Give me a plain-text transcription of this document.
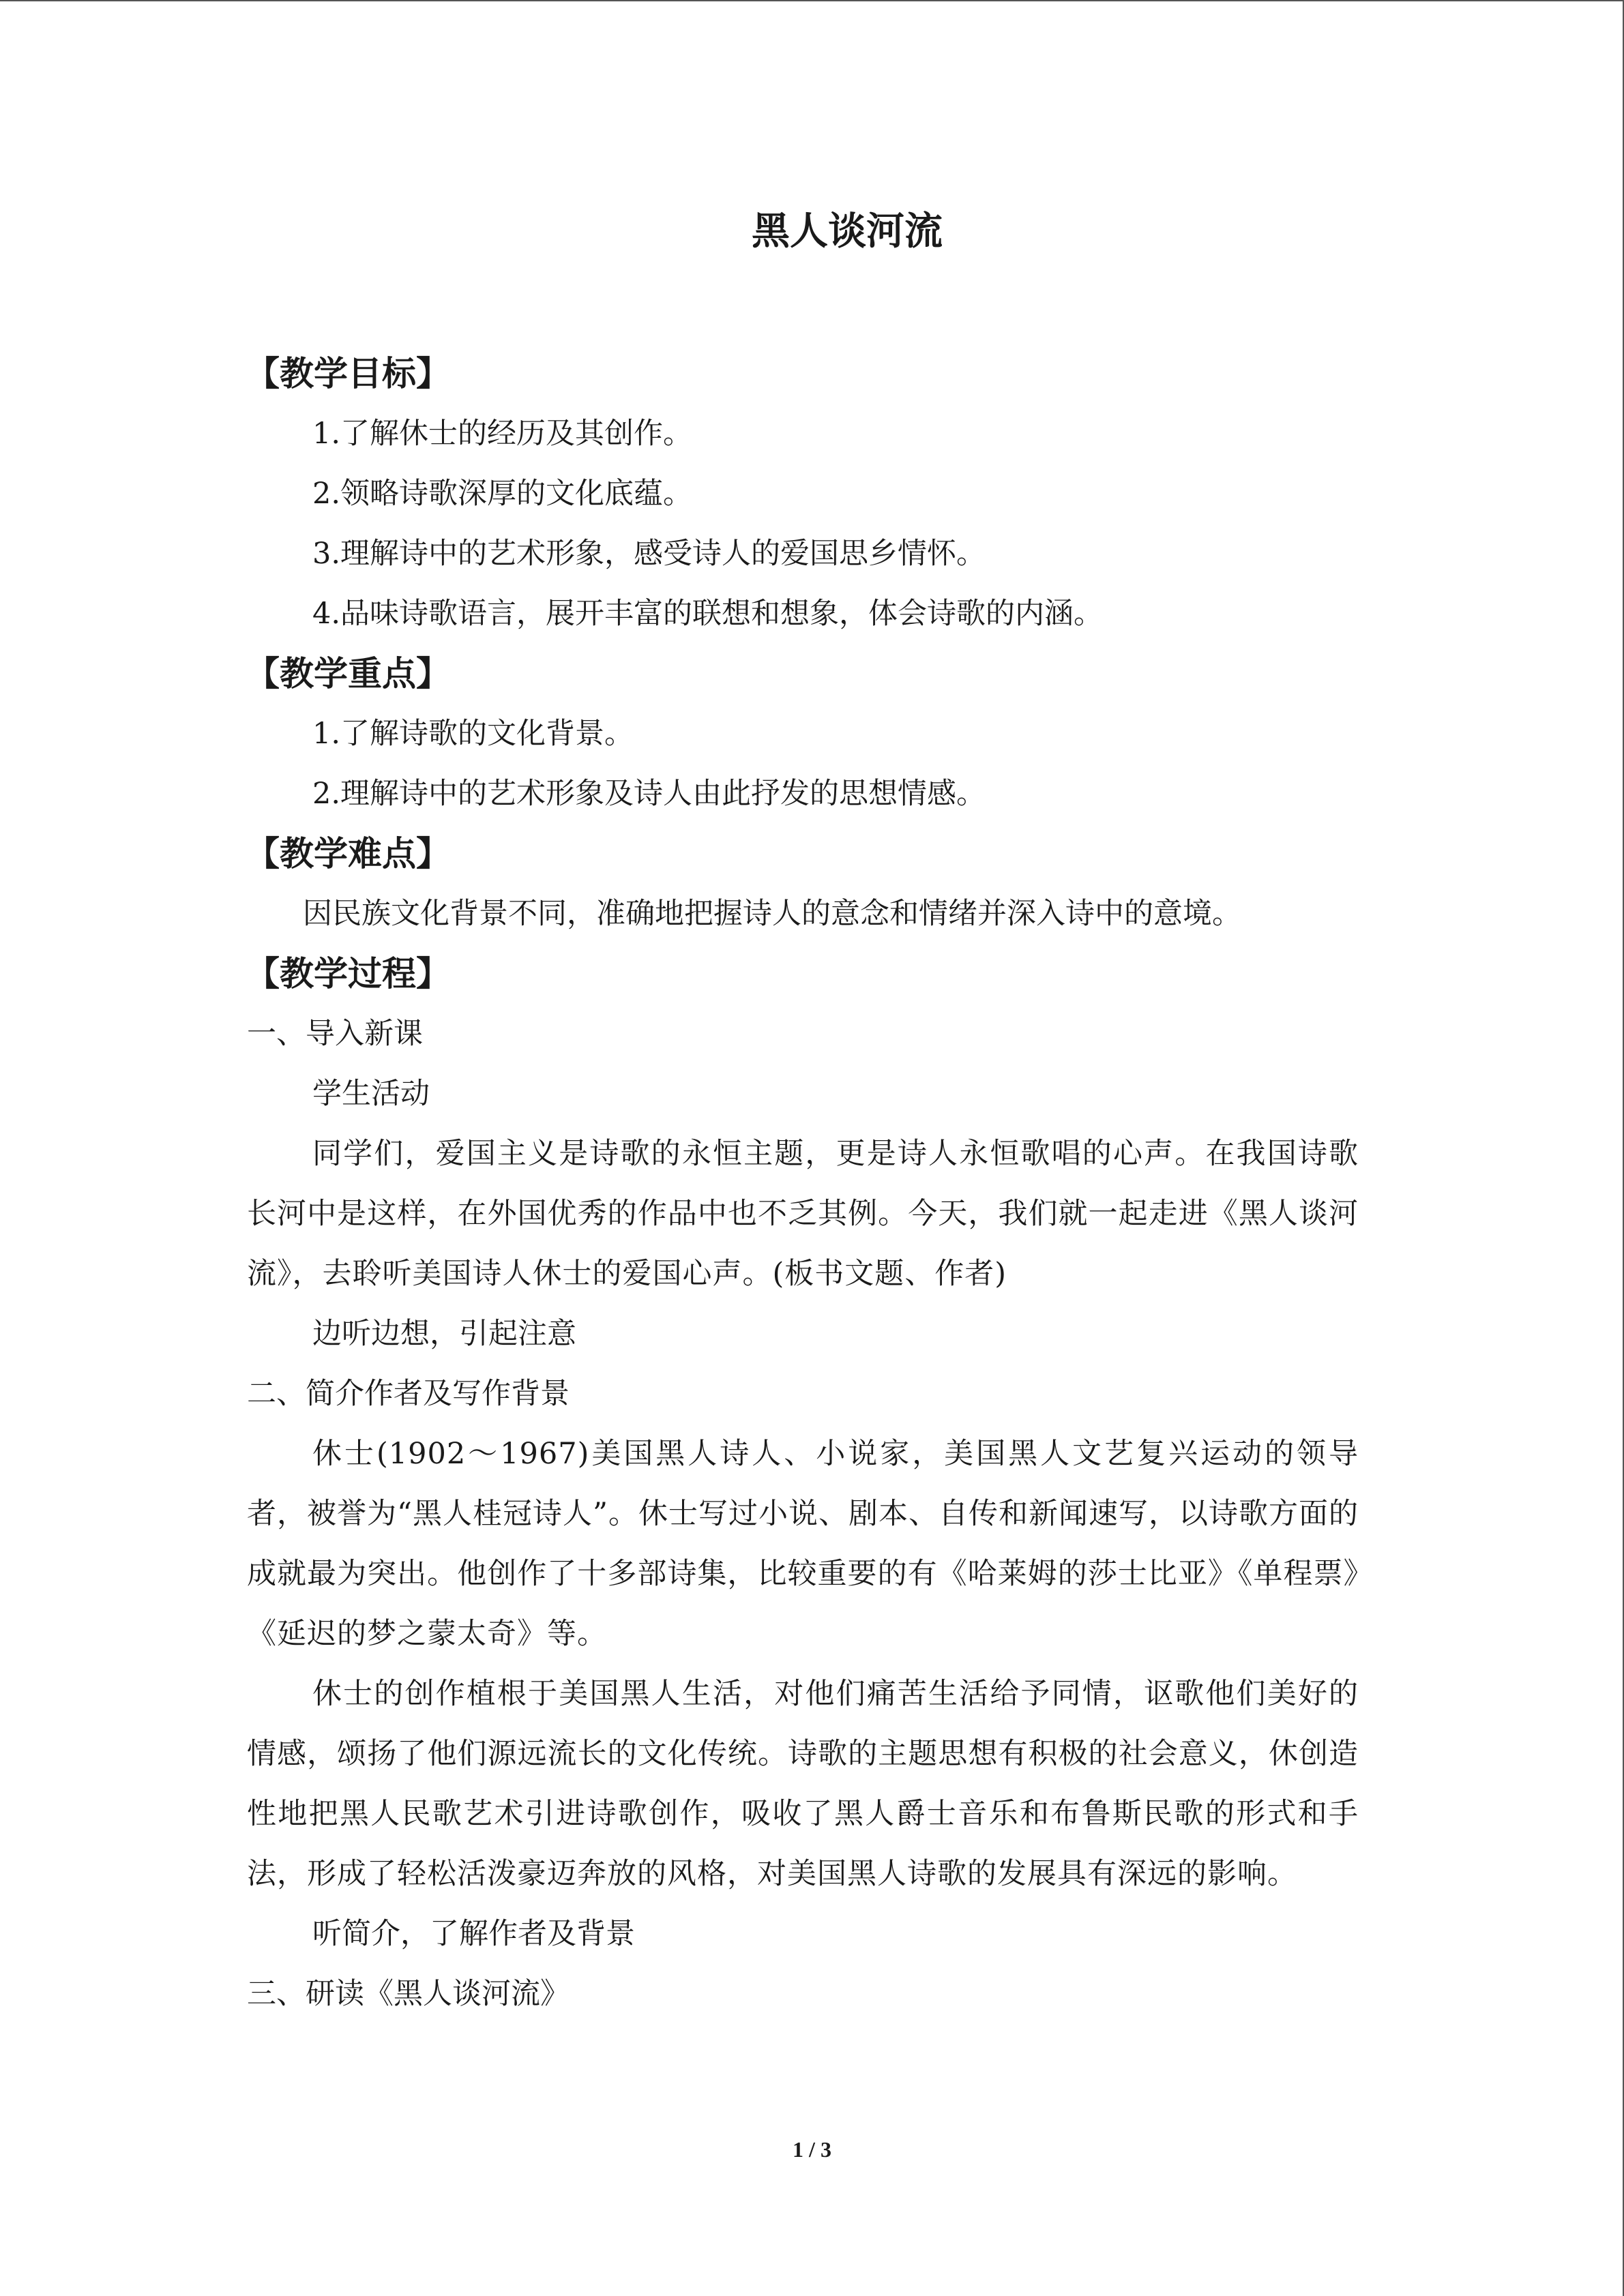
黑人谈河流
【教学目标】
1.了解休士的经历及其创作。
2.领略诗歌深厚的文化底蕴。
3.理解诗中的艺术形象，感受诗人的爱国思乡情怀。
4.品味诗歌语言，展开丰富的联想和想象，体会诗歌的内涵。
【教学重点】
1.了解诗歌的文化背景。
2.理解诗中的艺术形象及诗人由此抒发的思想情感。
【教学难点】
因民族文化背景不同，准确地把握诗人的意念和情绪并深入诗中的意境。
【教学过程】
一、导入新课
学生活动
同学们，爱国主义是诗歌的永恒主题，更是诗人永恒歌唱的心声。在我国诗歌长河中是这样，在外国优秀的作品中也不乏其例。今天，我们就一起走进《黑人谈河流》，去聆听美国诗人休士的爱国心声。(板书文题、作者)
边听边想，引起注意
二、简介作者及写作背景
休士(1902～1967)美国黑人诗人、小说家，美国黑人文艺复兴运动的领导者，被誉为“黑人桂冠诗人”。休士写过小说、剧本、自传和新闻速写，以诗歌方面的成就最为突出。他创作了十多部诗集，比较重要的有《哈莱姆的莎士比亚》《单程票》《延迟的梦之蒙太奇》等。
休士的创作植根于美国黑人生活，对他们痛苦生活给予同情，讴歌他们美好的情感，颂扬了他们源远流长的文化传统。诗歌的主题思想有积极的社会意义，休创造性地把黑人民歌艺术引进诗歌创作，吸收了黑人爵士音乐和布鲁斯民歌的形式和手法，形成了轻松活泼豪迈奔放的风格，对美国黑人诗歌的发展具有深远的影响。
听简介，了解作者及背景
三、研读《黑人谈河流》
1 / 3
